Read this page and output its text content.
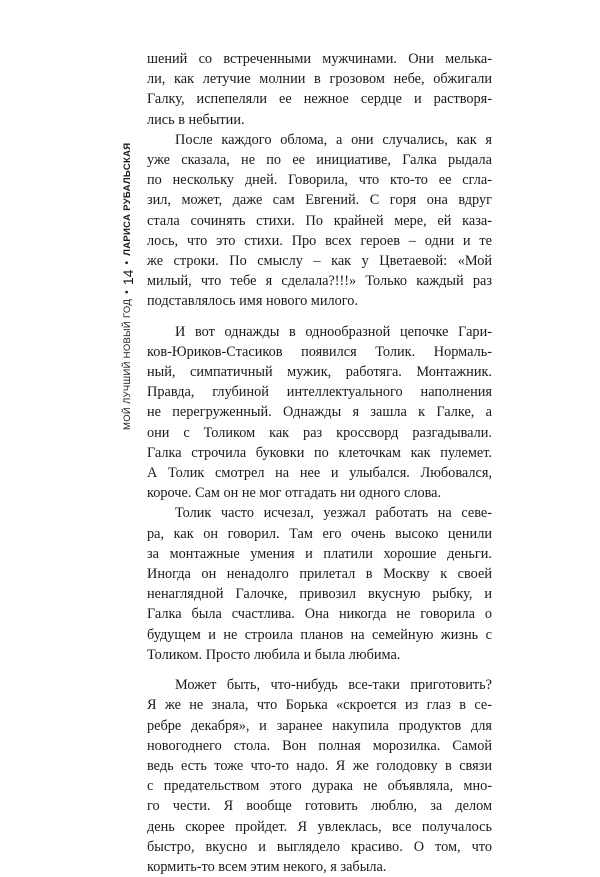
МОЙ ЛУЧШИЙ НОВЫЙ ГОД
•
14
•
ЛАРИСА РУБАЛЬСКАЯ

шений со встреченными мужчинами. Они мелька-
ли, как летучие молнии в грозовом небе, обжигали
Галку, испепеляли ее нежное сердце и растворя-
лись в небытии.

После каждого облома, а они случались, как я
уже сказала, не по ее инициативе, Галка рыдала
по нескольку дней. Говорила, что кто-то ее сгла-
зил, может, даже сам Евгений. С горя она вдруг
стала сочинять стихи. По крайней мере, ей каза-
лось, что это стихи. Про всех героев – одни и те
же строки. По смыслу – как у Цветаевой: «Мой
милый, что тебе я сделала?!!!» Только каждый раз
подставлялось имя нового милого.

И вот однажды в однообразной цепочке Гари-
ков-Юриков-Стасиков появился Толик. Нормаль-
ный, симпатичный мужик, работяга. Монтажник.
Правда, глубиной интеллектуального наполнения
не перегруженный. Однажды я зашла к Галке, а
они с Толиком как раз кроссворд разгадывали.
Галка строчила буковки по клеточкам как пулемет.
А Толик смотрел на нее и улыбался. Любовался,
короче. Сам он не мог отгадать ни одного слова.

Толик часто исчезал, уезжал работать на севе-
ра, как он говорил. Там его очень высоко ценили
за монтажные умения и платили хорошие деньги.
Иногда он ненадолго прилетал в Москву к своей
ненаглядной Галочке, привозил вкусную рыбку, и
Галка была счастлива. Она никогда не говорила о
будущем и не строила планов на семейную жизнь с
Толиком. Просто любила и была любима.

Может быть, что-нибудь все-таки приготовить?
Я же не знала, что Борька «скроется из глаз в се-
ребре декабря», и заранее накупила продуктов для
новогоднего стола. Вон полная морозилка. Самой
ведь есть тоже что-то надо. Я же голодовку в связи
с предательством этого дурака не объявляла, мно-
го чести. Я вообще готовить люблю, за делом
день скорее пройдет. Я увлеклась, все получалось
быстро, вкусно и выглядело красиво. О том, что
кормить-то всем этим некого, я забыла.
